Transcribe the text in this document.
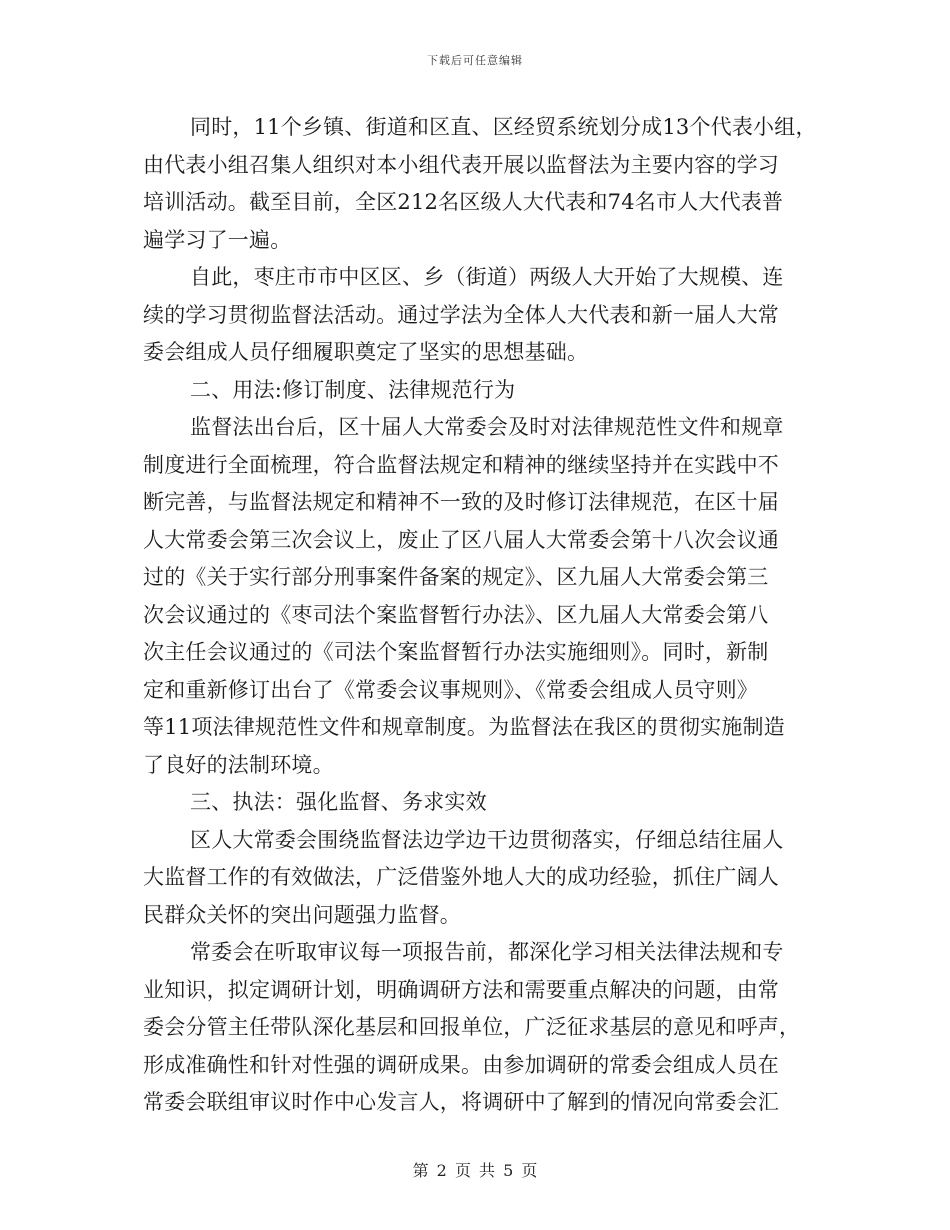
下载后可任意编辑
同时，11个乡镇、街道和区直、区经贸系统划分成13个代表小组，
由代表小组召集人组织对本小组代表开展以监督法为主要内容的学习
培训活动。截至目前，全区212名区级人大代表和74名市人大代表普
遍学习了一遍。
自此，枣庄市市中区区、乡（街道）两级人大开始了大规模、连
续的学习贯彻监督法活动。通过学法为全体人大代表和新一届人大常
委会组成人员仔细履职奠定了坚实的思想基础。
二、用法:修订制度、法律规范行为
监督法出台后，区十届人大常委会及时对法律规范性文件和规章
制度进行全面梳理，符合监督法规定和精神的继续坚持并在实践中不
断完善，与监督法规定和精神不一致的及时修订法律规范，在区十届
人大常委会第三次会议上，废止了区八届人大常委会第十八次会议通
过的《关于实行部分刑事案件备案的规定》、区九届人大常委会第三
次会议通过的《枣司法个案监督暂行办法》、区九届人大常委会第八
次主任会议通过的《司法个案监督暂行办法实施细则》。同时，新制
定和重新修订出台了《常委会议事规则》、《常委会组成人员守则》
等11项法律规范性文件和规章制度。为监督法在我区的贯彻实施制造
了良好的法制环境。
三、执法：强化监督、务求实效
区人大常委会围绕监督法边学边干边贯彻落实，仔细总结往届人
大监督工作的有效做法，广泛借鉴外地人大的成功经验，抓住广阔人
民群众关怀的突出问题强力监督。
常委会在听取审议每一项报告前，都深化学习相关法律法规和专
业知识，拟定调研计划，明确调研方法和需要重点解决的问题，由常
委会分管主任带队深化基层和回报单位，广泛征求基层的意见和呼声，
形成准确性和针对性强的调研成果。由参加调研的常委会组成人员在
常委会联组审议时作中心发言人，将调研中了解到的情况向常委会汇
第 2 页 共 5 页
